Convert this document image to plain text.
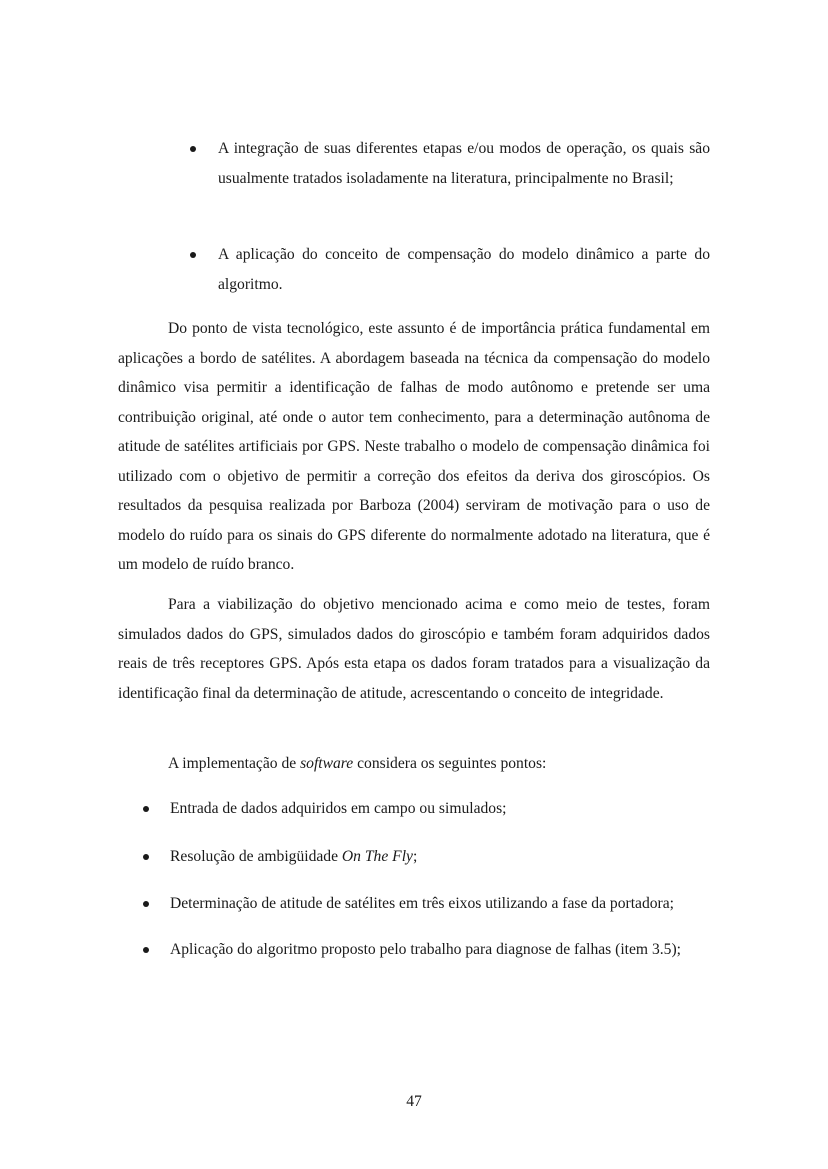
A integração de suas diferentes etapas e/ou modos de operação, os quais são usualmente tratados isoladamente na literatura, principalmente no Brasil;

A aplicação do conceito de compensação do modelo dinâmico a parte do algoritmo.

Do ponto de vista tecnológico, este assunto é de importância prática fundamental em aplicações a bordo de satélites. A abordagem baseada na técnica da compensação do modelo dinâmico visa permitir a identificação de falhas de modo autônomo e pretende ser uma contribuição original, até onde o autor tem conhecimento, para a determinação autônoma de atitude de satélites artificiais por GPS. Neste trabalho o modelo de compensação dinâmica foi utilizado com o objetivo de permitir a correção dos efeitos da deriva dos giroscópios. Os resultados da pesquisa realizada por Barboza (2004) serviram de motivação para o uso de modelo do ruído para os sinais do GPS diferente do normalmente adotado na literatura, que é um modelo de ruído branco.

Para a viabilização do objetivo mencionado acima e como meio de testes, foram simulados dados do GPS, simulados dados do giroscópio e também foram adquiridos dados reais de três receptores GPS. Após esta etapa os dados foram tratados para a visualização da identificação final da determinação de atitude, acrescentando o conceito de integridade.

A implementação de software considera os seguintes pontos:

Entrada de dados adquiridos em campo ou simulados;

Resolução de ambigüidade On The Fly;

Determinação de atitude de satélites em três eixos utilizando a fase da portadora;

Aplicação do algoritmo proposto pelo trabalho para diagnose de falhas (item 3.5);

47
